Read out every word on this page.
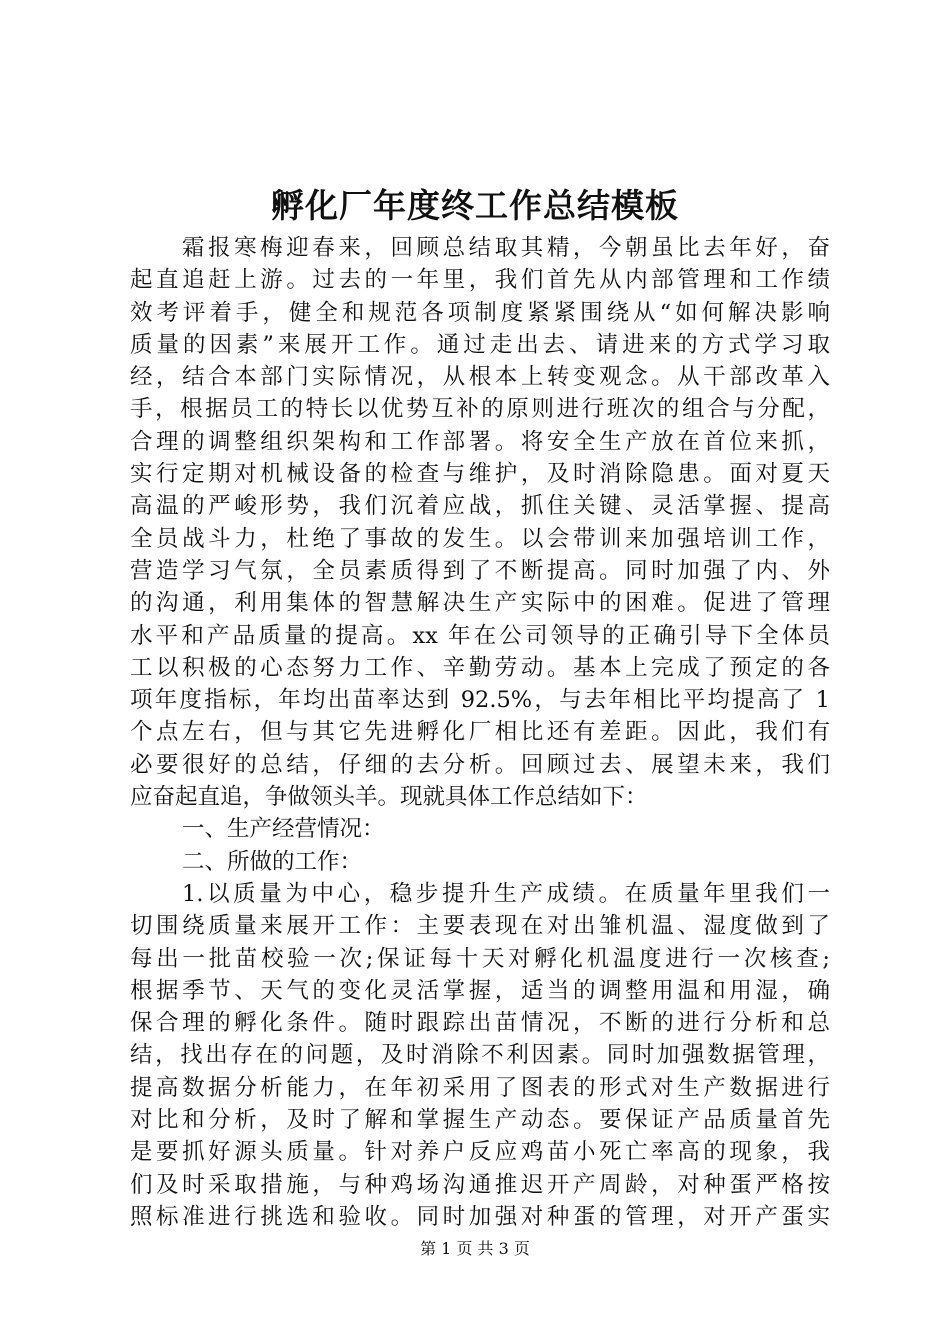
孵化厂年度终工作总结模板
霜报寒梅迎春来，回顾总结取其精，今朝虽比去年好，奋
起直追赶上游。过去的一年里，我们首先从内部管理和工作绩
效考评着手，健全和规范各项制度紧紧围绕从“如何解决影响
质量的因素”来展开工作。通过走出去、请进来的方式学习取
经，结合本部门实际情况，从根本上转变观念。从干部改革入
手，根据员工的特长以优势互补的原则进行班次的组合与分配，
合理的调整组织架构和工作部署。将安全生产放在首位来抓，
实行定期对机械设备的检查与维护，及时消除隐患。面对夏天
高温的严峻形势，我们沉着应战，抓住关键、灵活掌握、提高
全员战斗力，杜绝了事故的发生。以会带训来加强培训工作，
营造学习气氛，全员素质得到了不断提高。同时加强了内、外
的沟通，利用集体的智慧解决生产实际中的困难。促进了管理
水平和产品质量的提高。xx 年在公司领导的正确引导下全体员
工以积极的心态努力工作、辛勤劳动。基本上完成了预定的各
项年度指标，年均出苗率达到 92.5%，与去年相比平均提高了 1
个点左右，但与其它先进孵化厂相比还有差距。因此，我们有
必要很好的总结，仔细的去分析。回顾过去、展望未来，我们
应奋起直追，争做领头羊。现就具体工作总结如下：
一、生产经营情况：
二、所做的工作：
1.以质量为中心，稳步提升生产成绩。在质量年里我们一
切围绕质量来展开工作：主要表现在对出雏机温、湿度做到了
每出一批苗校验一次;保证每十天对孵化机温度进行一次核查;
根据季节、天气的变化灵活掌握，适当的调整用温和用湿，确
保合理的孵化条件。随时跟踪出苗情况，不断的进行分析和总
结，找出存在的问题，及时消除不利因素。同时加强数据管理，
提高数据分析能力，在年初采用了图表的形式对生产数据进行
对比和分析，及时了解和掌握生产动态。要保证产品质量首先
是要抓好源头质量。针对养户反应鸡苗小死亡率高的现象，我
们及时采取措施，与种鸡场沟通推迟开产周龄，对种蛋严格按
照标准进行挑选和验收。同时加强对种蛋的管理，对开产蛋实
第 1 页 共 3 页
